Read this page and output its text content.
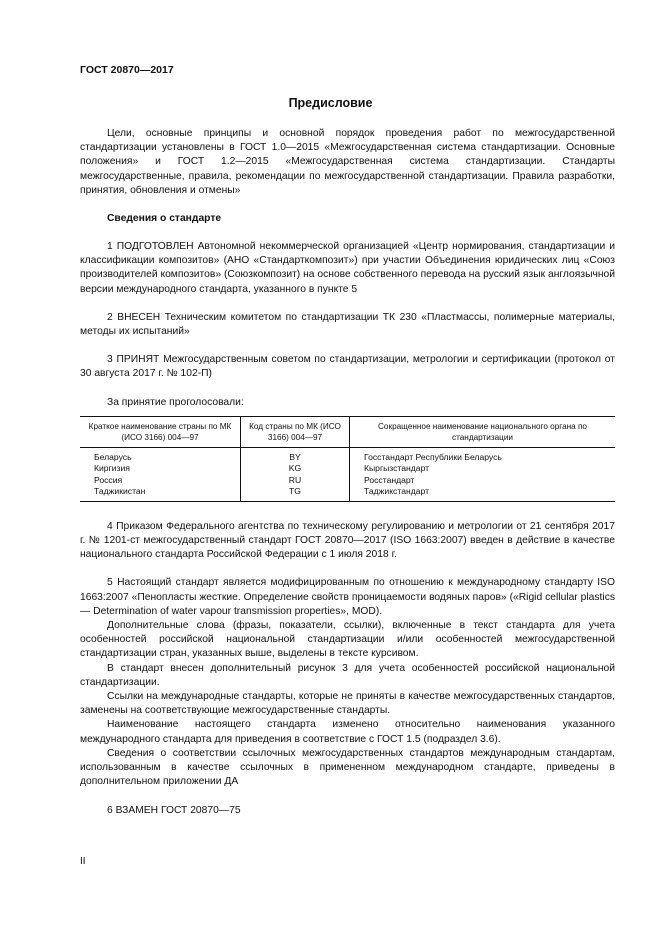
ГОСТ 20870—2017
Предисловие

Цели, основные принципы и основной порядок проведения работ по межгосударственной стандартизации установлены в ГОСТ 1.0—2015 «Межгосударственная система стандартизации. Основные положения» и ГОСТ 1.2—2015 «Межгосударственная система стандартизации. Стандарты межгосударственные, правила, рекомендации по межгосударственной стандартизации. Правила разработки, принятия, обновления и отмены»

Сведения о стандарте

1 ПОДГОТОВЛЕН Автономной некоммерческой организацией «Центр нормирования, стандартизации и классификации композитов» (АНО «Стандарткомпозит») при участии Объединения юридических лиц «Союз производителей композитов» (Союзкомпозит) на основе собственного перевода на русский язык англоязычной версии международного стандарта, указанного в пункте 5

2 ВНЕСЕН Техническим комитетом по стандартизации ТК 230 «Пластмассы, полимерные материалы, методы их испытаний»

3 ПРИНЯТ Межгосударственным советом по стандартизации, метрологии и сертификации (протокол от 30 августа 2017 г. № 102-П)

За принятие проголосовали:

Краткое наименование страны по МК (ИСО 3166) 004—97	Код страны по МК (ИСО 3166) 004—97	Сокращенное наименование национального органа по стандартизации
Беларусь	BY	Госстандарт Республики Беларусь
Киргизия	KG	Кыргызстандарт
Россия	RU	Росстандарт
Таджикистан	TG	Таджикстандарт

4 Приказом Федерального агентства по техническому регулированию и метрологии от 21 сентября 2017 г. № 1201-ст межгосударственный стандарт ГОСТ 20870—2017 (ISO 1663:2007) введен в действие в качестве национального стандарта Российской Федерации с 1 июля 2018 г.

5 Настоящий стандарт является модифицированным по отношению к международному стандарту ISO 1663:2007 «Пенопласты жесткие. Определение свойств проницаемости водяных паров» («Rigid cellular plastics — Determination of water vapour transmission properties», MOD).

Дополнительные слова (фразы, показатели, ссылки), включенные в текст стандарта для учета особенностей российской национальной стандартизации и/или особенностей межгосударственной стандартизации стран, указанных выше, выделены в тексте курсивом.

В стандарт внесен дополнительный рисунок 3 для учета особенностей российской национальной стандартизации.

Ссылки на международные стандарты, которые не приняты в качестве межгосударственных стандартов, заменены на соответствующие межгосударственные стандарты.

Наименование настоящего стандарта изменено относительно наименования указанного международного стандарта для приведения в соответствие с ГОСТ 1.5 (подраздел 3.6).

Сведения о соответствии ссылочных межгосударственных стандартов международным стандартам, использованным в качестве ссылочных в примененном международном стандарте, приведены в дополнительном приложении ДА

6 ВЗАМЕН ГОСТ 20870—75

II
